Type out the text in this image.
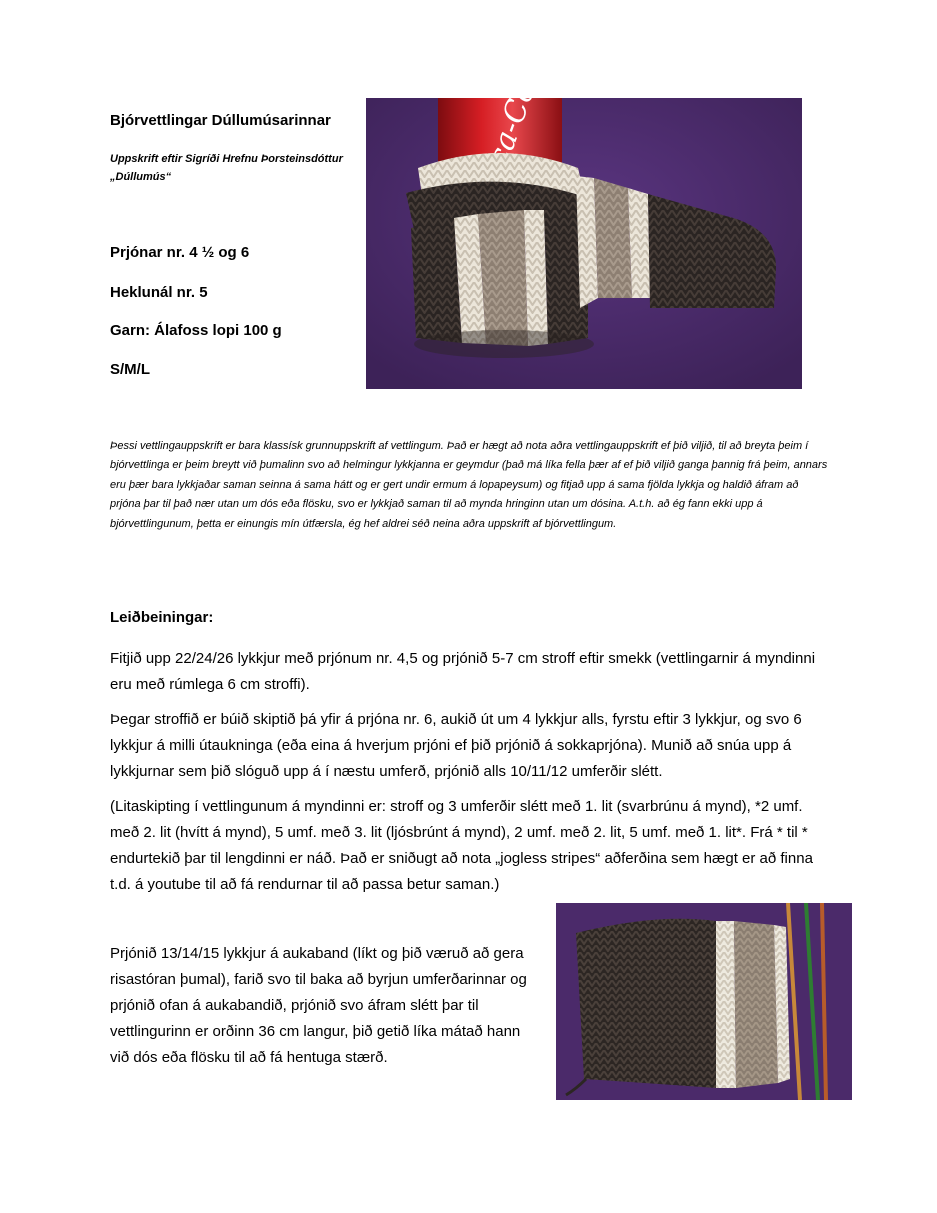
Bjórvettlingar Dúllumúsarinnar
Uppskrift eftir Sigríði Hrefnu Þorsteinsdóttur „Dúllumús“
Prjónar nr. 4 ½ og 6
Heklunál nr. 5
Garn: Álafoss lopi 100 g
S/M/L
Þessi vettlingauppskrift er bara klassísk grunnuppskrift af vettlingum. Það er hægt að nota aðra vettlingauppskrift ef þið viljið, til að breyta þeim í bjórvettlinga er þeim breytt við þumalinn svo að helmingur lykkjanna er geymdur (það má líka fella þær af ef þið viljið ganga þannig frá þeim, annars eru þær bara lykkjaðar saman seinna á sama hátt og er gert undir ermum á lopapeysum) og fitjað upp á sama fjölda lykkja og haldið áfram að prjóna þar til það nær utan um dós eða flösku, svo er lykkjað saman til að mynda hringinn utan um dósina. A.t.h. að ég fann ekki upp á bjórvettlingunum, þetta er einungis mín útfærsla, ég hef aldrei séð neina aðra uppskrift af bjórvettlingum.
Leiðbeiningar:
Fitjið upp 22/24/26 lykkjur með prjónum nr. 4,5 og prjónið 5-7 cm stroff eftir smekk (vettlingarnir á myndinni eru með rúmlega 6 cm stroffi).
Þegar stroffið er búið skiptið þá yfir á prjóna nr. 6, aukið út um 4 lykkjur alls, fyrstu eftir 3 lykkjur, og svo 6 lykkjur á milli útaukninga (eða eina á hverjum prjóni ef þið prjónið á sokkaprjóna). Munið að snúa upp á lykkjurnar sem þið slóguð upp á í næstu umferð, prjónið alls 10/11/12 umferðir slétt.
(Litaskipting í vettlingunum á myndinni er: stroff og 3 umferðir slétt með 1. lit (svarbrúnu á mynd), *2 umf. með 2. lit (hvítt á mynd), 5 umf. með 3. lit (ljósbrúnt á mynd), 2 umf. með 2. lit, 5 umf. með 1. lit*. Frá * til * endurtekið þar til lengdinni er náð. Það er sniðugt að nota „jogless stripes“ aðferðina sem hægt er að finna t.d. á youtube til að fá rendurnar til að passa betur saman.)
Prjónið 13/14/15 lykkjur á aukaband (líkt og þið væruð að gera risastóran þumal), farið svo til baka að byrjun umferðarinnar og prjónið ofan á aukabandið, prjónið svo áfram slétt þar til vettlingurinn er orðinn 36 cm langur, þið getið líka mátað hann við dós eða flösku til að fá hentuga stærð.
